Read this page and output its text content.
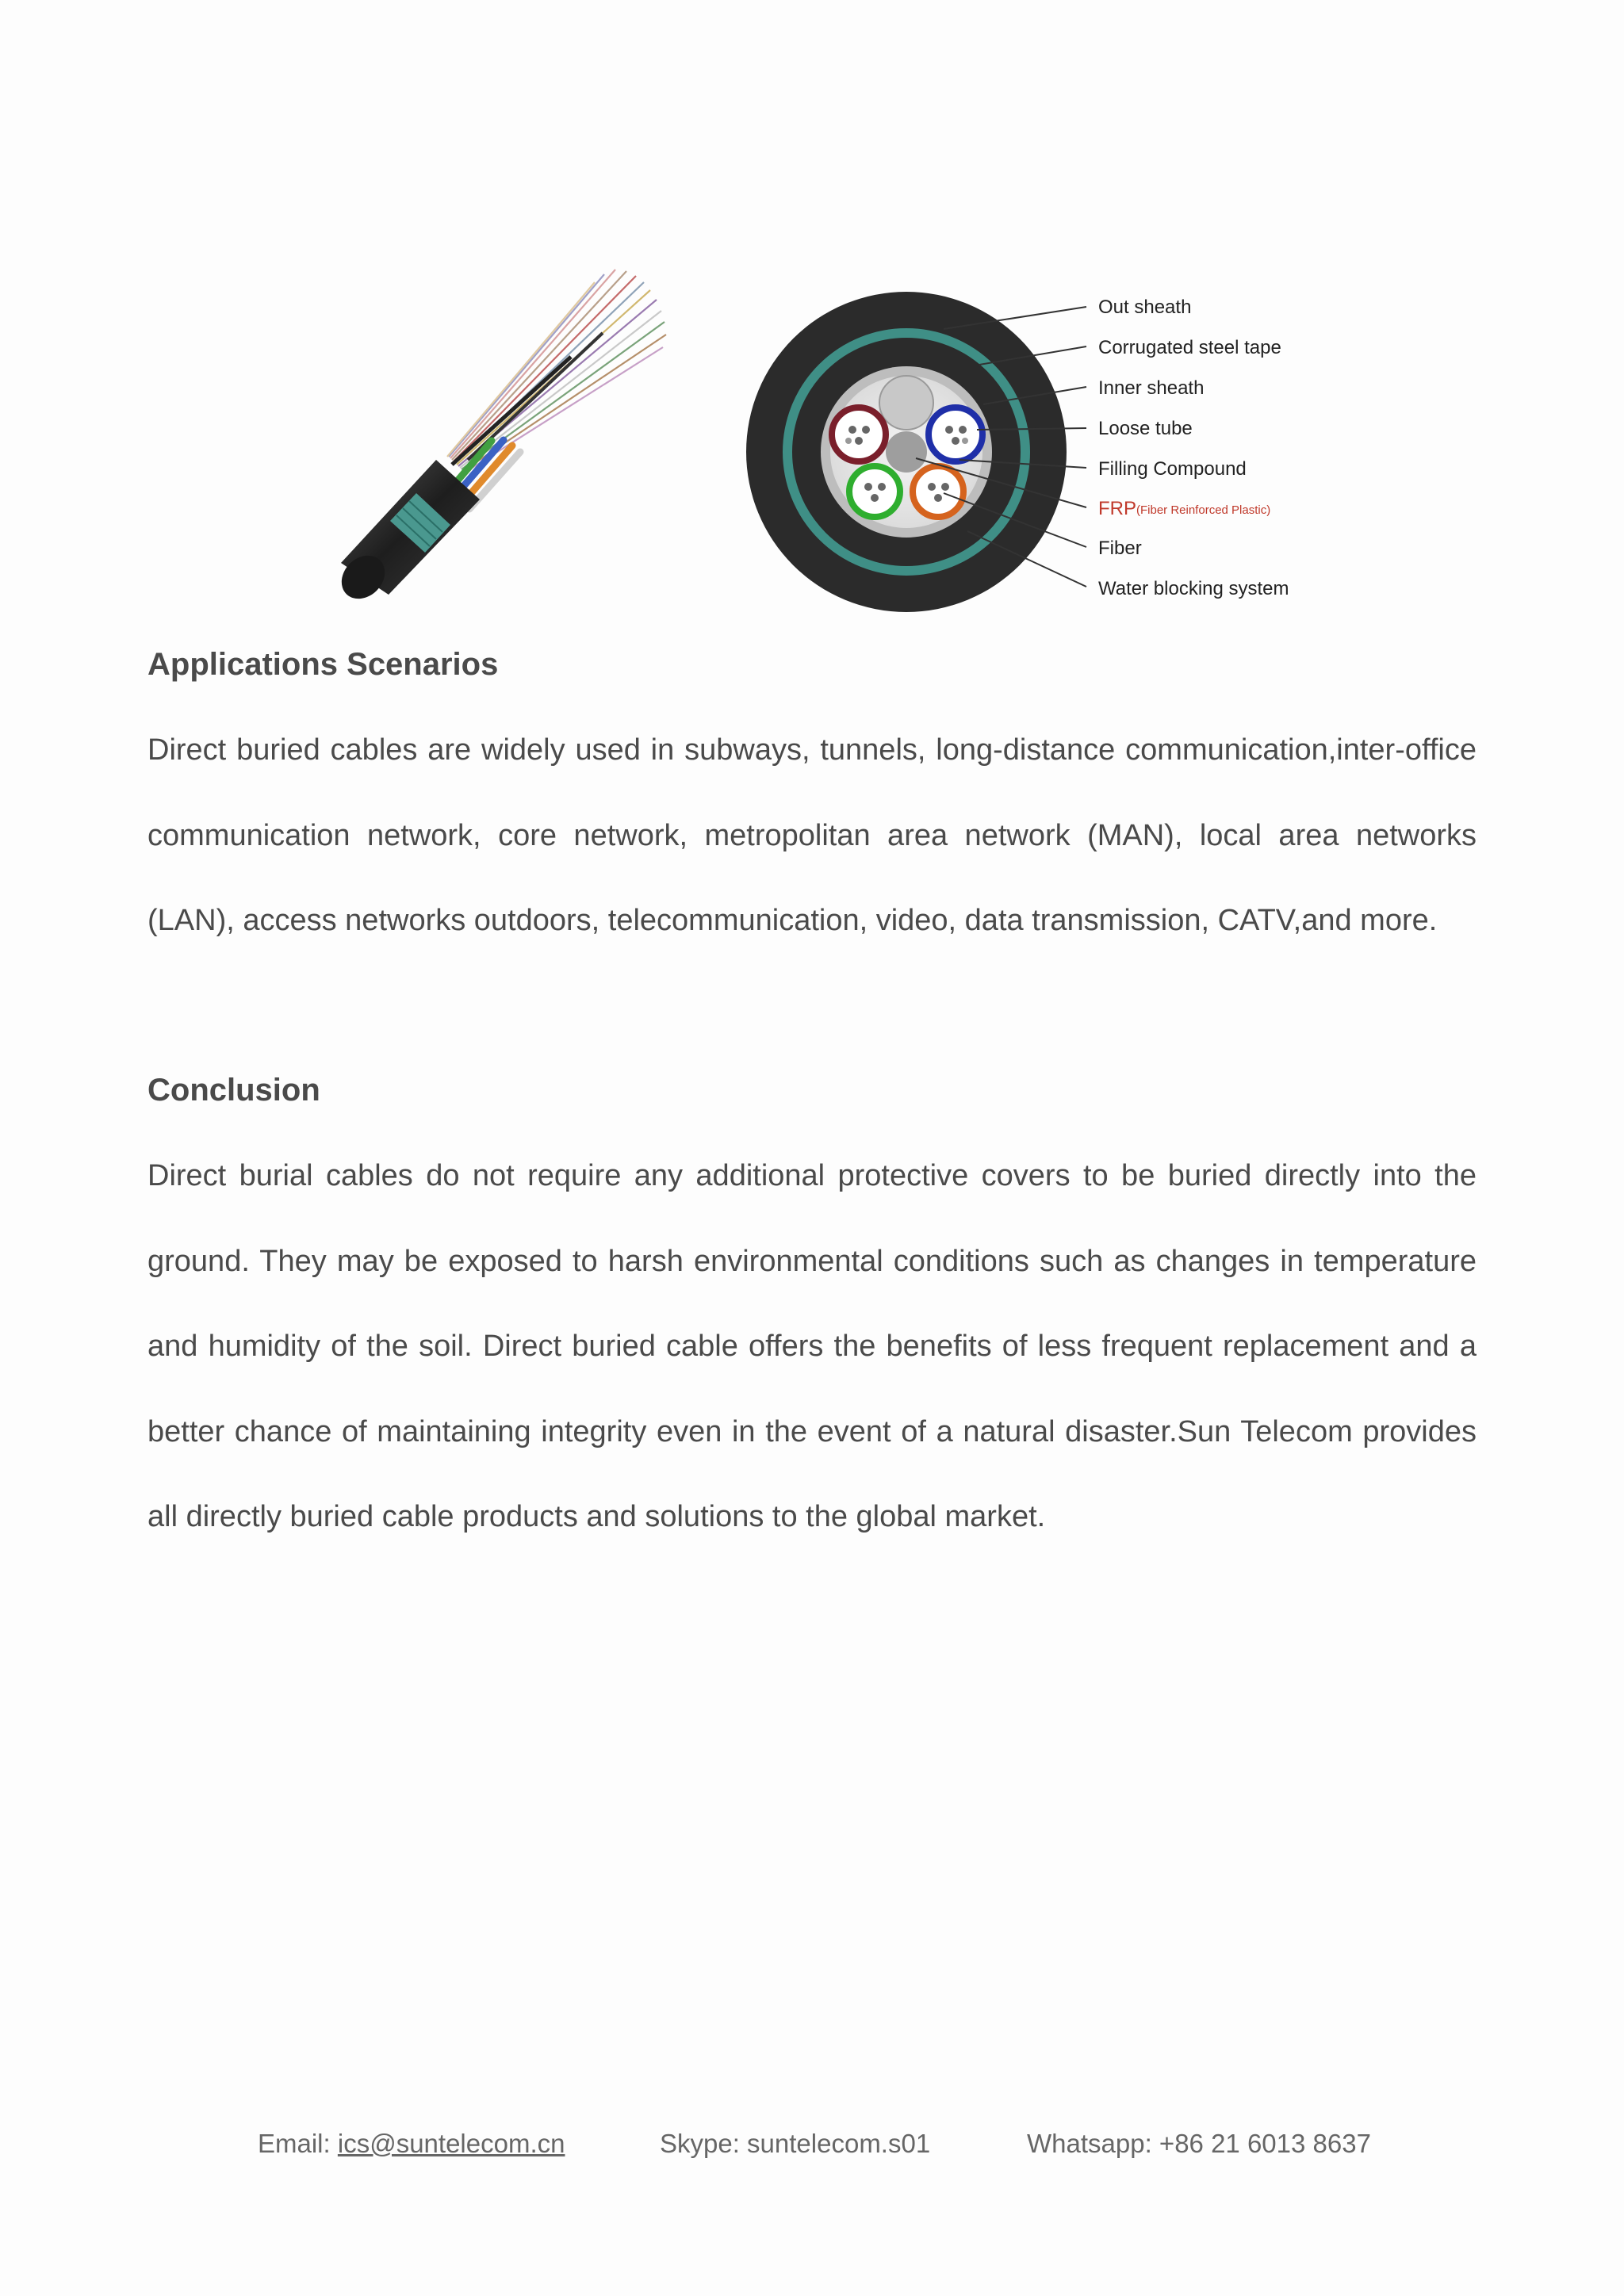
Out sheath
Corrugated steel tape
Inner sheath
Loose tube
Filling Compound
FRP(Fiber Reinforced Plastic)
Fiber
Water blocking system
Applications Scenarios

Direct buried cables are widely used in subways, tunnels, long-distance communication,inter-office communication network, core network, metropolitan area network (MAN), local area networks (LAN), access networks outdoors, telecommunication, video, data transmission, CATV,and more.

Conclusion

Direct burial cables do not require any additional protective covers to be buried directly into the ground. They may be exposed to harsh environmental conditions such as changes in temperature and humidity of the soil. Direct buried cable offers the benefits of less frequent replacement and a better chance of maintaining integrity even in the event of a natural disaster.Sun Telecom provides all directly buried cable products and solutions to the global market.

Email: ics@suntelecom.cn	Skype: suntelecom.s01	Whatsapp: +86 21 6013 8637
